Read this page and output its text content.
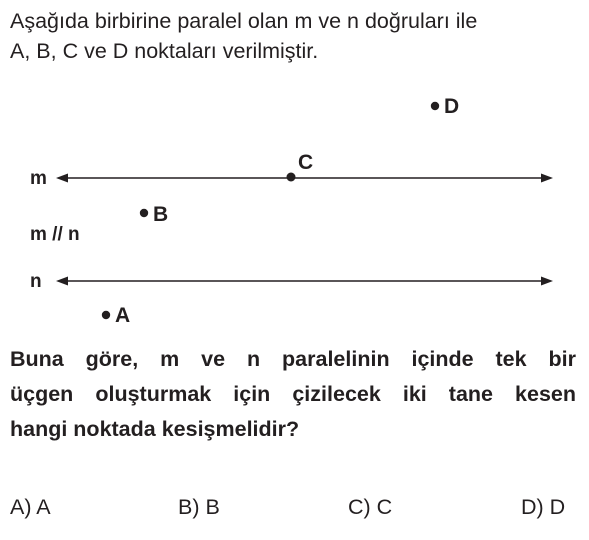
Aşağıda birbirine paralel olan m ve n doğruları ile
A, B, C ve D noktaları verilmiştir.

m
m // n
n
D
C
B
A

Buna göre, m ve n paralelinin içinde tek bir
üçgen oluşturmak için çizilecek iki tane kesen
hangi noktada kesişmelidir?

A) A	B) B	C) C	D) D
